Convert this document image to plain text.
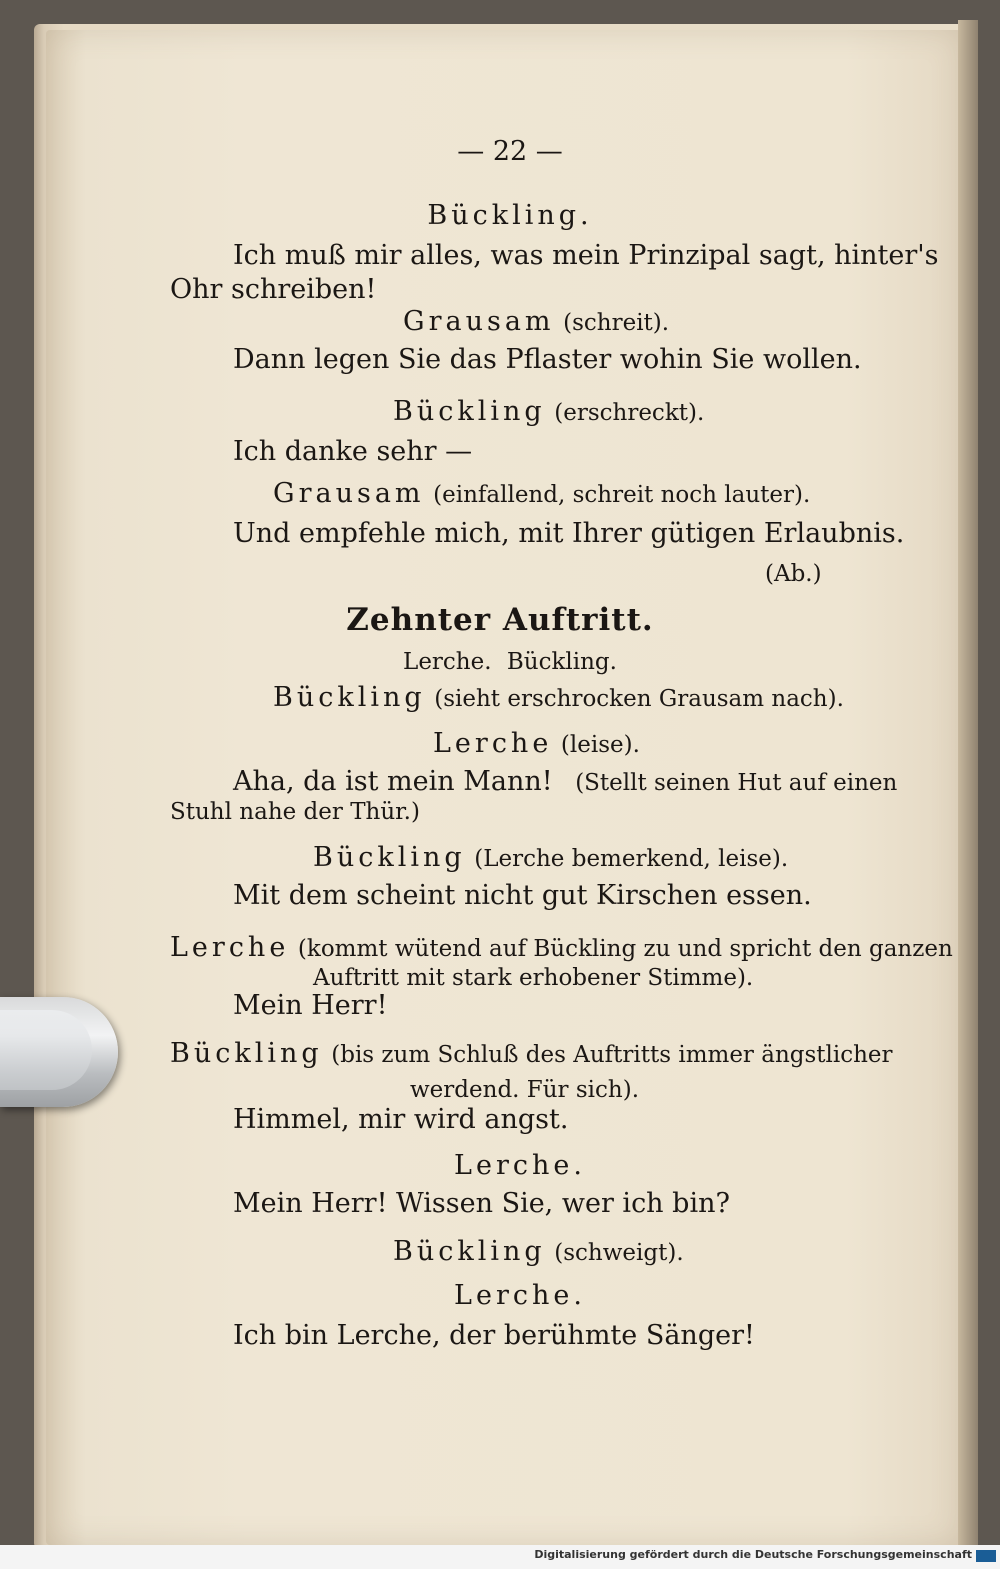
— 22 —
Bückling.
Ich muß mir alles, was mein Prinzipal sagt, hinter's
Ohr schreiben!
Grausam (schreit).
Dann legen Sie das Pflaster wohin Sie wollen.
Bückling (erschreckt).
Ich danke sehr —
Grausam (einfallend, schreit noch lauter).
Und empfehle mich, mit Ihrer gütigen Erlaubnis.
(Ab.)
Zehnter Auftritt.
Lerche. Bückling.
Bückling (sieht erschrocken Grausam nach).
Lerche (leise).
Aha, da ist mein Mann! (Stellt seinen Hut auf einen
Stuhl nahe der Thür.)
Bückling (Lerche bemerkend, leise).
Mit dem scheint nicht gut Kirschen essen.
Lerche (kommt wütend auf Bückling zu und spricht den ganzen
Auftritt mit stark erhobener Stimme).
Mein Herr!
Bückling (bis zum Schluß des Auftritts immer ängstlicher
werdend. Für sich).
Himmel, mir wird angst.
Lerche.
Mein Herr! Wissen Sie, wer ich bin?
Bückling (schweigt).
Lerche.
Ich bin Lerche, der berühmte Sänger!
Digitalisierung gefördert durch die Deutsche Forschungsgemeinschaft
